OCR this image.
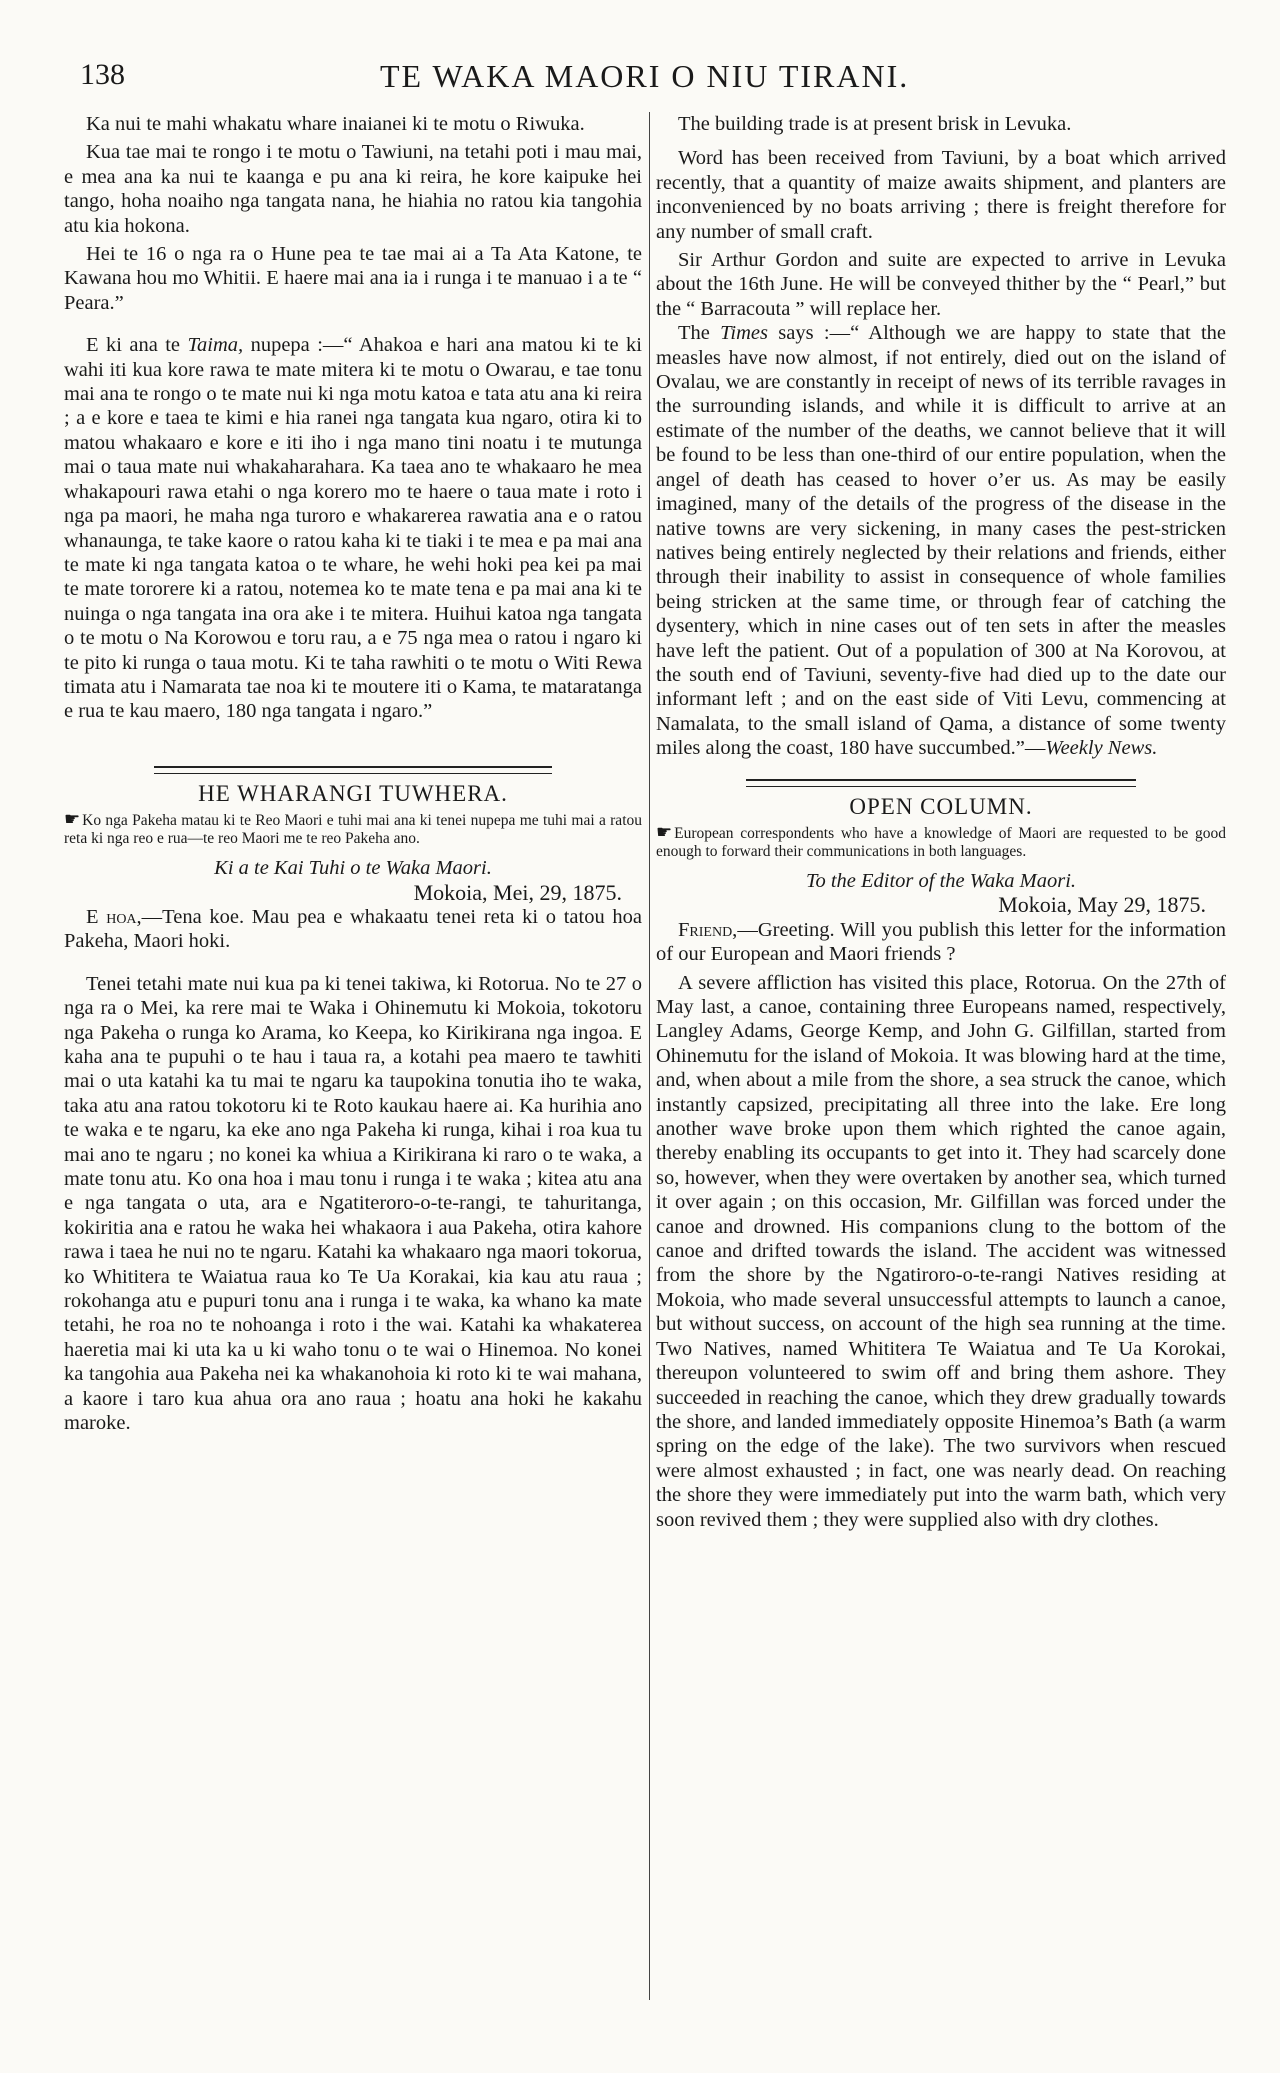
138	TE WAKA MAORI O NIU TIRANI.

Ka nui te mahi whakatu whare inaianei ki te motu o Riwuka.

Kua tae mai te rongo i te motu o Tawiuni, na tetahi poti i mau mai, e mea ana ka nui te kaanga e pu ana ki reira, he kore kaipuke hei tango, hoha noaiho nga tangata nana, he hiahia no ratou kia tangohia atu kia hokona.

Hei te 16 o nga ra o Hune pea te tae mai ai a Ta Ata Katone, te Kawana hou mo Whitii. E haere mai ana ia i runga i te manuao i a te “ Peara.”

E ki ana te Taima, nupepa :—“ Ahakoa e hari ana matou ki te ki wahi iti kua kore rawa te mate mitera ki te motu o Owarau, e tae tonu mai ana te rongo o te mate nui ki nga motu katoa e tata atu ana ki reira ; a e kore e taea te kimi e hia ranei nga tangata kua ngaro, otira ki to matou whakaaro e kore e iti iho i nga mano tini noatu i te mutunga mai o taua mate nui whakaharahara. Ka taea ano te whakaaro he mea whakapouri rawa etahi o nga korero mo te haere o taua mate i roto i nga pa maori, he maha nga turoro e whakarerea rawatia ana e o ratou whanaunga, te take kaore o ratou kaha ki te tiaki i te mea e pa mai ana te mate ki nga tangata katoa o te whare, he wehi hoki pea kei pa mai te mate tororere ki a ratou, notemea ko te mate tena e pa mai ana ki te nuinga o nga tangata ina ora ake i te mitera. Huihui katoa nga tangata o te motu o Na Korowou e toru rau, a e 75 nga mea o ratou i ngaro ki te pito ki runga o taua motu. Ki te taha rawhiti o te motu o Witi Rewa timata atu i Namarata tae noa ki te moutere iti o Kama, te mataratanga e rua te kau maero, 180 nga tangata i ngaro.”

HE WHARANGI TUWHERA.

☛ Ko nga Pakeha matau ki te Reo Maori e tuhi mai ana ki tenei nupepa me tuhi mai a ratou reta ki nga reo e rua—te reo Maori me te reo Pakeha ano.

Ki a te Kai Tuhi o te Waka Maori.

Mokoia, Mei, 29, 1875.

E hoa,—Tena koe. Mau pea e whakaatu tenei reta ki o tatou hoa Pakeha, Maori hoki.

Tenei tetahi mate nui kua pa ki tenei takiwa, ki Rotorua. No te 27 o nga ra o Mei, ka rere mai te Waka i Ohinemutu ki Mokoia, tokotoru nga Pakeha o runga ko Arama, ko Keepa, ko Kirikirana nga ingoa. E kaha ana te pupuhi o te hau i taua ra, a kotahi pea maero te tawhiti mai o uta katahi ka tu mai te ngaru ka taupokina tonutia iho te waka, taka atu ana ratou tokotoru ki te Roto kaukau haere ai. Ka hurihia ano te waka e te ngaru, ka eke ano nga Pakeha ki runga, kihai i roa kua tu mai ano te ngaru ; no konei ka whiua a Kirikirana ki raro o te waka, a mate tonu atu. Ko ona hoa i mau tonu i runga i te waka ; kitea atu ana e nga tangata o uta, ara e Ngatiteroro-o-te-rangi, te tahuritanga, kokiritia ana e ratou he waka hei whakaora i aua Pakeha, otira kahore rawa i taea he nui no te ngaru. Katahi ka whakaaro nga maori tokorua, ko Whititera te Waiatua raua ko Te Ua Korakai, kia kau atu raua ; rokohanga atu e pupuri tonu ana i runga i te waka, ka whano ka mate tetahi, he roa no te nohoanga i roto i the wai. Katahi ka whakaterea haeretia mai ki uta ka u ki waho tonu o te wai o Hinemoa. No konei ka tangohia aua Pakeha nei ka whakanohoia ki roto ki te wai mahana, a kaore i taro kua ahua ora ano raua ; hoatu ana hoki he kakahu maroke.

The building trade is at present brisk in Levuka.

Word has been received from Taviuni, by a boat which arrived recently, that a quantity of maize awaits shipment, and planters are inconvenienced by no boats arriving ; there is freight therefore for any number of small craft.

Sir Arthur Gordon and suite are expected to arrive in Levuka about the 16th June. He will be conveyed thither by the “ Pearl,” but the “ Barracouta ” will replace her.

The Times says :—“ Although we are happy to state that the measles have now almost, if not entirely, died out on the island of Ovalau, we are constantly in receipt of news of its terrible ravages in the surrounding islands, and while it is difficult to arrive at an estimate of the number of the deaths, we cannot believe that it will be found to be less than one-third of our entire population, when the angel of death has ceased to hover o’er us. As may be easily imagined, many of the details of the progress of the disease in the native towns are very sickening, in many cases the pest-stricken natives being entirely neglected by their relations and friends, either through their inability to assist in consequence of whole families being stricken at the same time, or through fear of catching the dysentery, which in nine cases out of ten sets in after the measles have left the patient. Out of a population of 300 at Na Korovou, at the south end of Taviuni, seventy-five had died up to the date our informant left ; and on the east side of Viti Levu, commencing at Namalata, to the small island of Qama, a distance of some twenty miles along the coast, 180 have succumbed.”—Weekly News.

OPEN COLUMN.

☛ European correspondents who have a knowledge of Maori are requested to be good enough to forward their communications in both languages.

To the Editor of the Waka Maori.

Mokoia, May 29, 1875.

Friend,—Greeting. Will you publish this letter for the information of our European and Maori friends ?

A severe affliction has visited this place, Rotorua. On the 27th of May last, a canoe, containing three Europeans named, respectively, Langley Adams, George Kemp, and John G. Gilfillan, started from Ohinemutu for the island of Mokoia. It was blowing hard at the time, and, when about a mile from the shore, a sea struck the canoe, which instantly capsized, precipitating all three into the lake. Ere long another wave broke upon them which righted the canoe again, thereby enabling its occupants to get into it. They had scarcely done so, however, when they were overtaken by another sea, which turned it over again ; on this occasion, Mr. Gilfillan was forced under the canoe and drowned. His companions clung to the bottom of the canoe and drifted towards the island. The accident was witnessed from the shore by the Ngatiroro-o-te-rangi Natives residing at Mokoia, who made several unsuccessful attempts to launch a canoe, but without success, on account of the high sea running at the time. Two Natives, named Whititera Te Waiatua and Te Ua Korokai, thereupon volunteered to swim off and bring them ashore. They succeeded in reaching the canoe, which they drew gradually towards the shore, and landed immediately opposite Hinemoa’s Bath (a warm spring on the edge of the lake). The two survivors when rescued were almost exhausted ; in fact, one was nearly dead. On reaching the shore they were immediately put into the warm bath, which very soon revived them ; they were supplied also with dry clothes.
